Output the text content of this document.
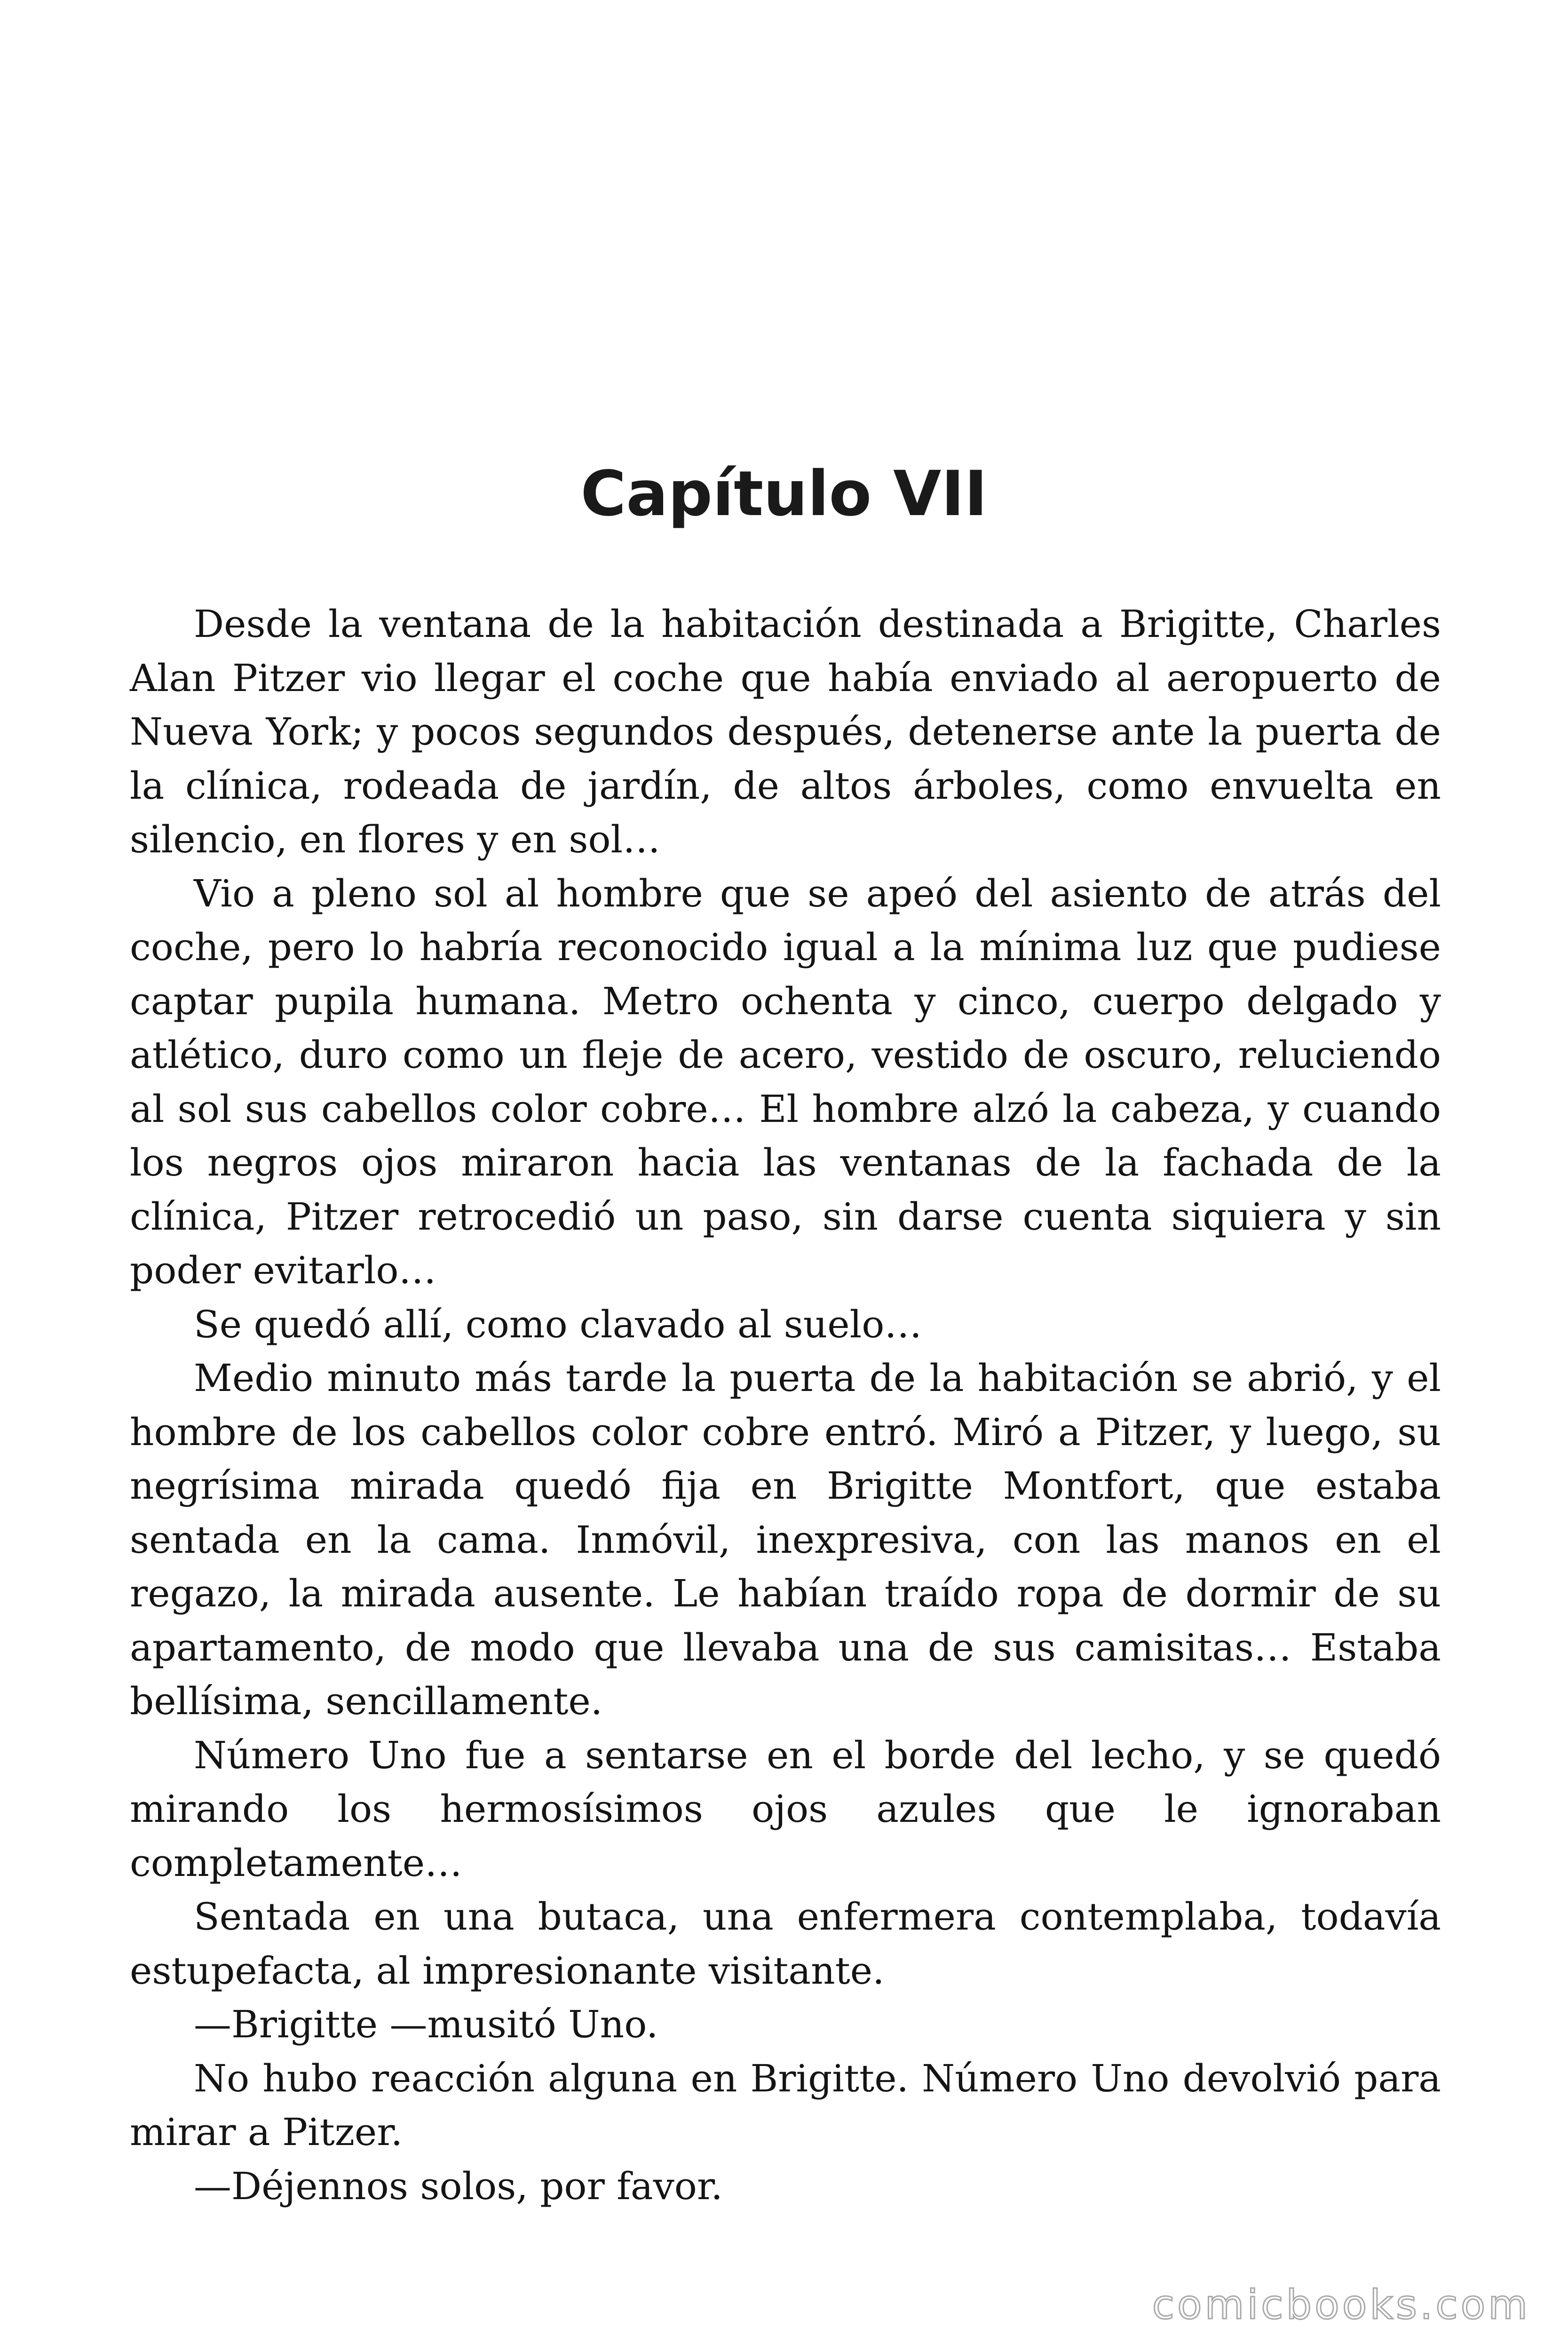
Capítulo VII

Desde la ventana de la habitación destinada a Brigitte, Charles Alan Pitzer vio llegar el coche que había enviado al aeropuerto de Nueva York; y pocos segundos después, detenerse ante la puerta de la clínica, rodeada de jardín, de altos árboles, como envuelta en silencio, en flores y en sol…

Vio a pleno sol al hombre que se apeó del asiento de atrás del coche, pero lo habría reconocido igual a la mínima luz que pudiese captar pupila humana. Metro ochenta y cinco, cuerpo delgado y atlético, duro como un fleje de acero, vestido de oscuro, reluciendo al sol sus cabellos color cobre… El hombre alzó la cabeza, y cuando los negros ojos miraron hacia las ventanas de la fachada de la clínica, Pitzer retrocedió un paso, sin darse cuenta siquiera y sin poder evitarlo…

Se quedó allí, como clavado al suelo…

Medio minuto más tarde la puerta de la habitación se abrió, y el hombre de los cabellos color cobre entró. Miró a Pitzer, y luego, su negrísima mirada quedó fija en Brigitte Montfort, que estaba sentada en la cama. Inmóvil, inexpresiva, con las manos en el regazo, la mirada ausente. Le habían traído ropa de dormir de su apartamento, de modo que llevaba una de sus camisitas… Estaba bellísima, sencillamente.

Número Uno fue a sentarse en el borde del lecho, y se quedó mirando los hermosísimos ojos azules que le ignoraban completamente…

Sentada en una butaca, una enfermera contemplaba, todavía estupefacta, al impresionante visitante.

—Brigitte —musitó Uno.

No hubo reacción alguna en Brigitte. Número Uno devolvió para mirar a Pitzer.

—Déjennos solos, por favor.

comicbooks.com
